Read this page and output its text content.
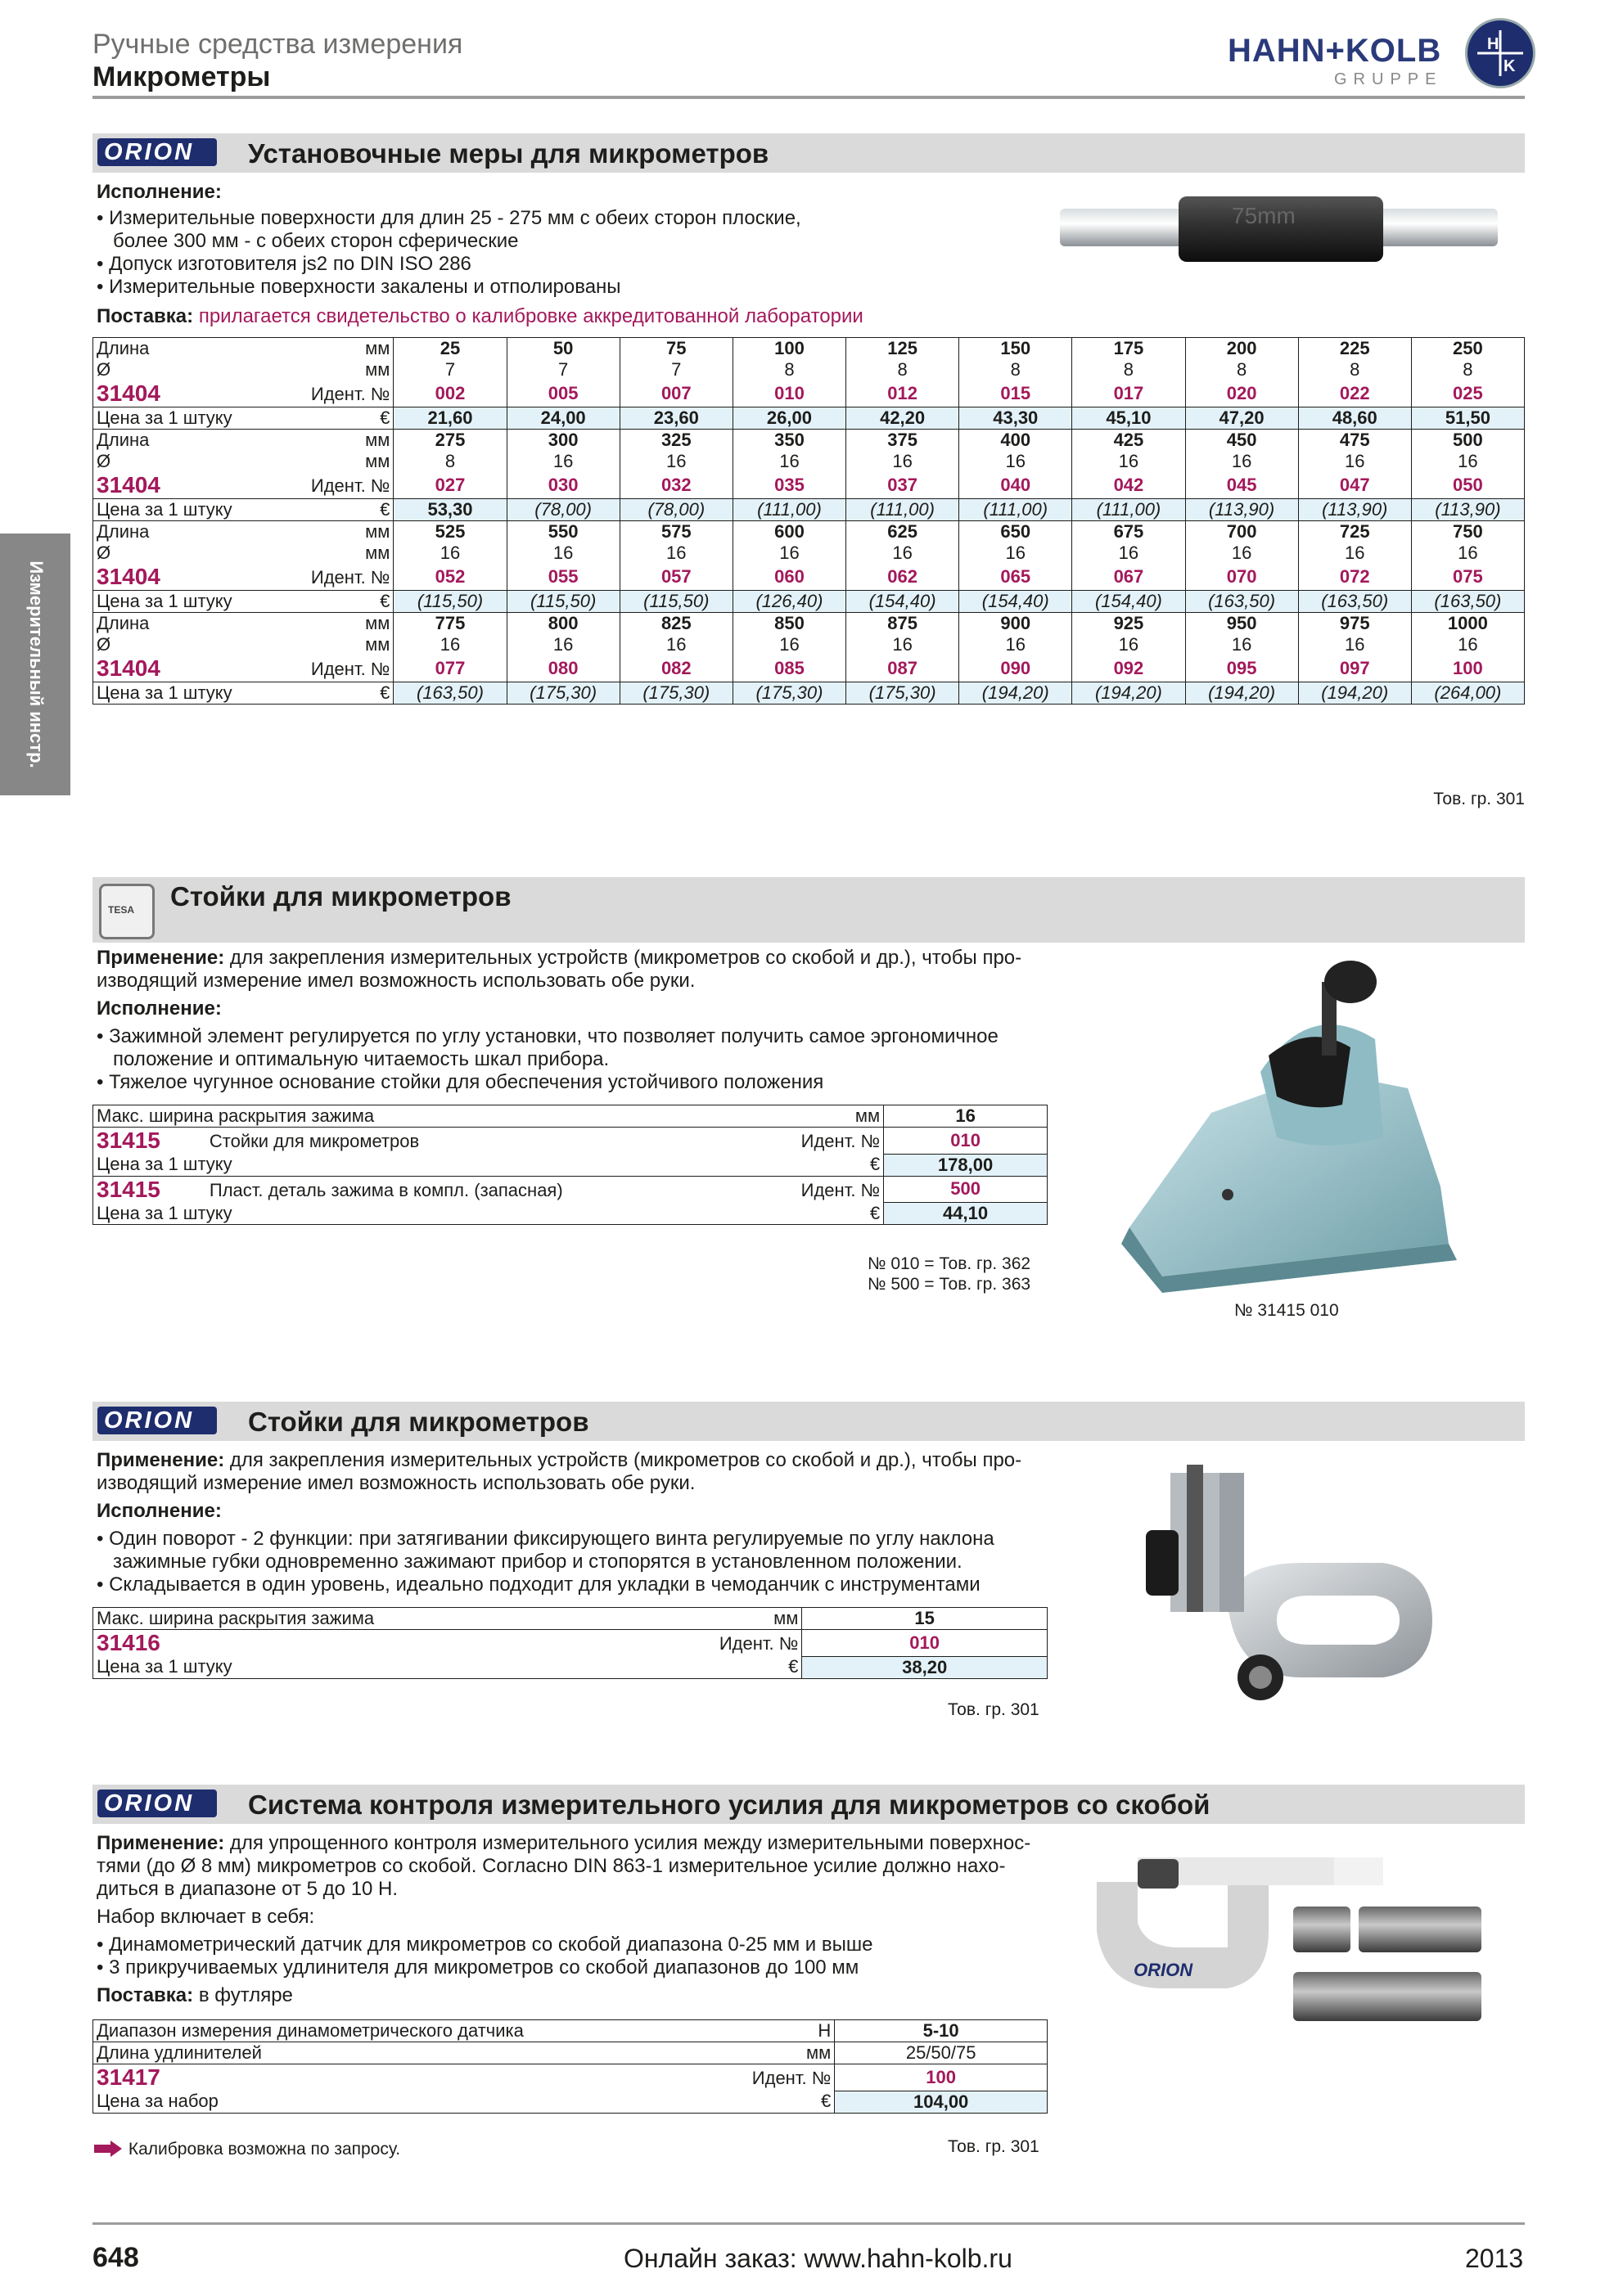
Ручные средства измерения
Микрометры
HAHN+KOLB
GRUPPE
H
K
Измерительный инстр.
ORION Установочные меры для микрометров
Исполнение:
• Измерительные поверхности для длин 25 - 275 мм с обеих сторон плоские,
более 300 мм - с обеих сторон сферические
• Допуск изготовителя js2 по DIN ISO 286
• Измерительные поверхности закалены и отполированы
Поставка: прилагается свидетельство о калибровке аккредитованной лаборатории
75mm
Длина мм	25	50	75	100	125	150	175	200	225	250
Ø мм	7	7	7	8	8	8	8	8	8	8
31404 Идент. №	002	005	007	010	012	015	017	020	022	025
Цена за 1 штуку €	21,60	24,00	23,60	26,00	42,20	43,30	45,10	47,20	48,60	51,50
Длина мм	275	300	325	350	375	400	425	450	475	500
Ø мм	8	16	16	16	16	16	16	16	16	16
31404 Идент. №	027	030	032	035	037	040	042	045	047	050
Цена за 1 штуку €	53,30	(78,00)	(78,00)	(111,00)	(111,00)	(111,00)	(111,00)	(113,90)	(113,90)	(113,90)
Длина мм	525	550	575	600	625	650	675	700	725	750
Ø мм	16	16	16	16	16	16	16	16	16	16
31404 Идент. №	052	055	057	060	062	065	067	070	072	075
Цена за 1 штуку €	(115,50)	(115,50)	(115,50)	(126,40)	(154,40)	(154,40)	(154,40)	(163,50)	(163,50)	(163,50)
Длина мм	775	800	825	850	875	900	925	950	975	1000
Ø мм	16	16	16	16	16	16	16	16	16	16
31404 Идент. №	077	080	082	085	087	090	092	095	097	100
Цена за 1 штуку €	(163,50)	(175,30)	(175,30)	(175,30)	(175,30)	(194,20)	(194,20)	(194,20)	(194,20)	(264,00)
Тов. гр. 301
TESA Стойки для микрометров
Применение: для закрепления измерительных устройств (микрометров со скобой и др.), чтобы про-
изводящий измерение имел возможность использовать обе руки.
Исполнение:
• Зажимной элемент регулируется по углу установки, что позволяет получить самое эргономичное
положение и оптимальную читаемость шкал прибора.
• Тяжелое чугунное основание стойки для обеспечения устойчивого положения
Макс. ширина раскрытия зажима мм	16
31415 Стойки для микрометров Идент. №	010
Цена за 1 штуку €	178,00
31415 Пласт. деталь зажима в компл. (запасная) Идент. №	500
Цена за 1 штуку €	44,10
№ 010 = Тов. гр. 362
№ 500 = Тов. гр. 363
№ 31415 010
ORION Стойки для микрометров
Применение: для закрепления измерительных устройств (микрометров со скобой и др.), чтобы про-
изводящий измерение имел возможность использовать обе руки.
Исполнение:
• Один поворот - 2 функции: при затягивании фиксирующего винта регулируемые по углу наклона
зажимные губки одновременно зажимают прибор и стопорятся в установленном положении.
• Складывается в один уровень, идеально подходит для укладки в чемоданчик с инструментами
Макс. ширина раскрытия зажима мм	15
31416 Идент. №	010
Цена за 1 штуку €	38,20
Тов. гр. 301
ORION Система контроля измерительного усилия для микрометров со скобой
Применение: для упрощенного контроля измерительного усилия между измерительными поверхнос-
тями (до Ø 8 мм) микрометров со скобой. Согласно DIN 863-1 измерительное усилие должно нахо-
диться в диапазоне от 5 до 10 Н.
Набор включает в себя:
• Динамометрический датчик для микрометров со скобой диапазона 0-25 мм и выше
• 3 прикручиваемых удлинителя для микрометров со скобой диапазонов до 100 мм
Поставка: в футляре
Диапазон измерения динамометрического датчика Н	5-10
Длина удлинителей мм	25/50/75
31417 Идент. №	100
Цена за набор €	104,00
Калибровка возможна по запросу.	Тов. гр. 301
ORION
648	Онлайн заказ: www.hahn-kolb.ru	2013
